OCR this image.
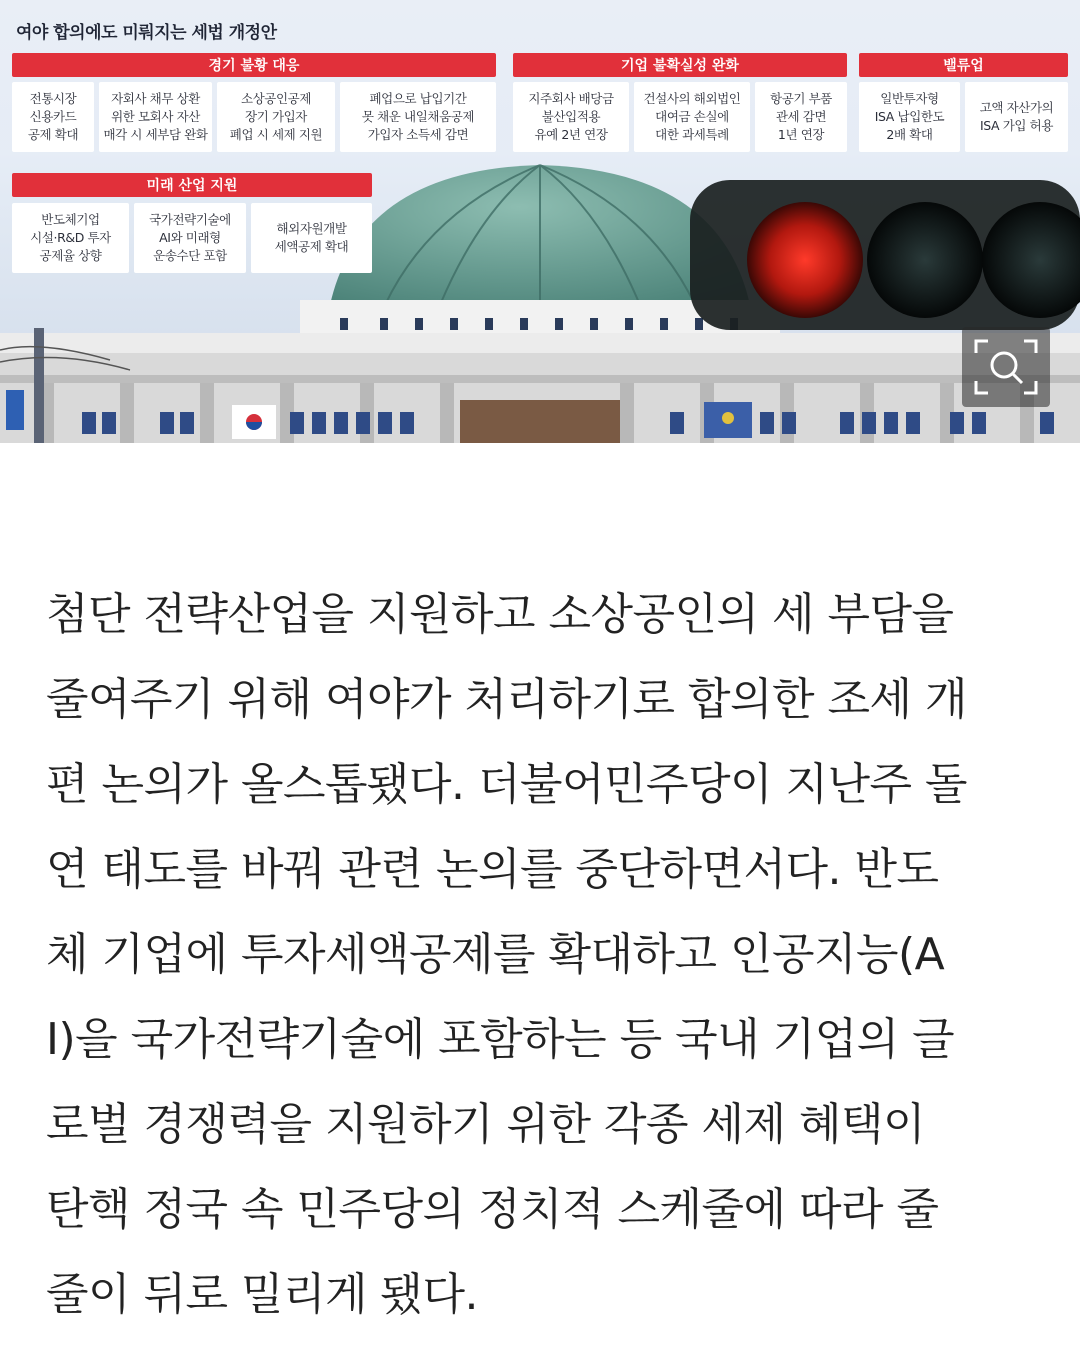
여야 합의에도 미뤄지는 세법 개정안
경기 불황 대응
전통시장
신용카드
공제 확대
자회사 채무 상환
위한 모회사 자산
매각 시 세부담 완화
소상공인공제
장기 가입자
폐업 시 세제 지원
폐업으로 납입기간
못 채운 내일채움공제
가입자 소득세 감면
기업 불확실성 완화
지주회사 배당금
불산입적용
유예 2년 연장
건설사의 해외법인
대여금 손실에
대한 과세특례
항공기 부품
관세 감면
1년 연장
밸류업
일반투자형
ISA 납입한도
2배 확대
고액 자산가의
ISA 가입 허용
미래 산업 지원
반도체기업
시설·R&D 투자
공제율 상향
국가전략기술에
AI와 미래형
운송수단 포함
해외자원개발
세액공제 확대
첨단 전략산업을 지원하고 소상공인의 세 부담을
줄여주기 위해 여야가 처리하기로 합의한 조세 개
편 논의가 올스톱됐다. 더불어민주당이 지난주 돌
연 태도를 바꿔 관련 논의를 중단하면서다. 반도
체 기업에 투자세액공제를 확대하고 인공지능(A
I)을 국가전략기술에 포함하는 등 국내 기업의 글
로벌 경쟁력을 지원하기 위한 각종 세제 혜택이
탄핵 정국 속 민주당의 정치적 스케줄에 따라 줄
줄이 뒤로 밀리게 됐다.
